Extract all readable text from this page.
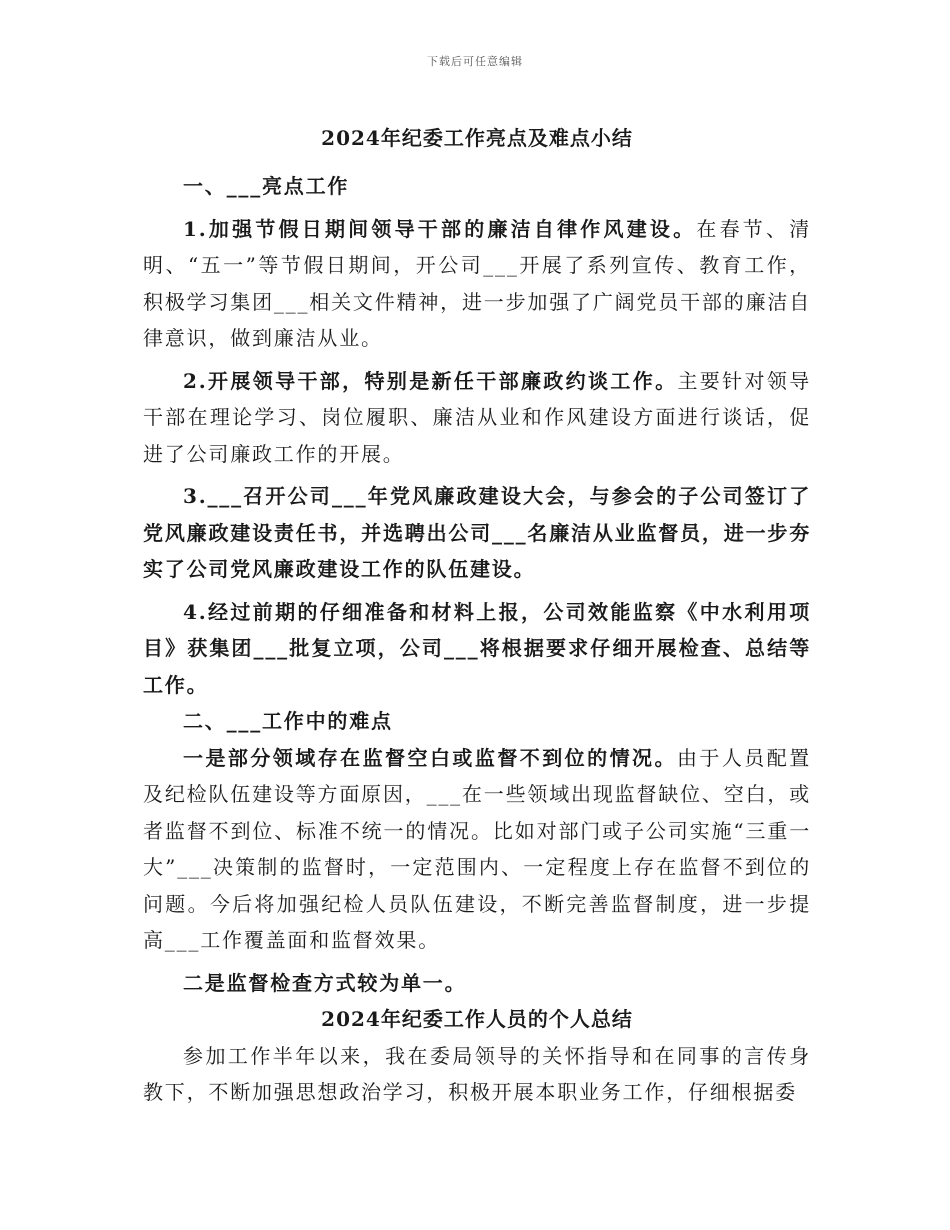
下载后可任意编辑
2024年纪委工作亮点及难点小结

一、___亮点工作

1.加强节假日期间领导干部的廉洁自律作风建设。在春节、清明、“五一”等节假日期间，开公司___开展了系列宣传、教育工作，积极学习集团___相关文件精神，进一步加强了广阔党员干部的廉洁自律意识，做到廉洁从业。

2.开展领导干部，特别是新任干部廉政约谈工作。主要针对领导干部在理论学习、岗位履职、廉洁从业和作风建设方面进行谈话，促进了公司廉政工作的开展。

3.___召开公司___年党风廉政建设大会，与参会的子公司签订了党风廉政建设责任书，并选聘出公司___名廉洁从业监督员，进一步夯实了公司党风廉政建设工作的队伍建设。

4.经过前期的仔细准备和材料上报，公司效能监察《中水利用项目》获集团___批复立项，公司___将根据要求仔细开展检查、总结等工作。

二、___工作中的难点

一是部分领域存在监督空白或监督不到位的情况。由于人员配置及纪检队伍建设等方面原因，___在一些领域出现监督缺位、空白，或者监督不到位、标准不统一的情况。比如对部门或子公司实施“三重一大”___决策制的监督时，一定范围内、一定程度上存在监督不到位的问题。今后将加强纪检人员队伍建设，不断完善监督制度，进一步提高___工作覆盖面和监督效果。

二是监督检查方式较为单一。

2024年纪委工作人员的个人总结

参加工作半年以来，我在委局领导的关怀指导和在同事的言传身教下，不断加强思想政治学习，积极开展本职业务工作，仔细根据委
